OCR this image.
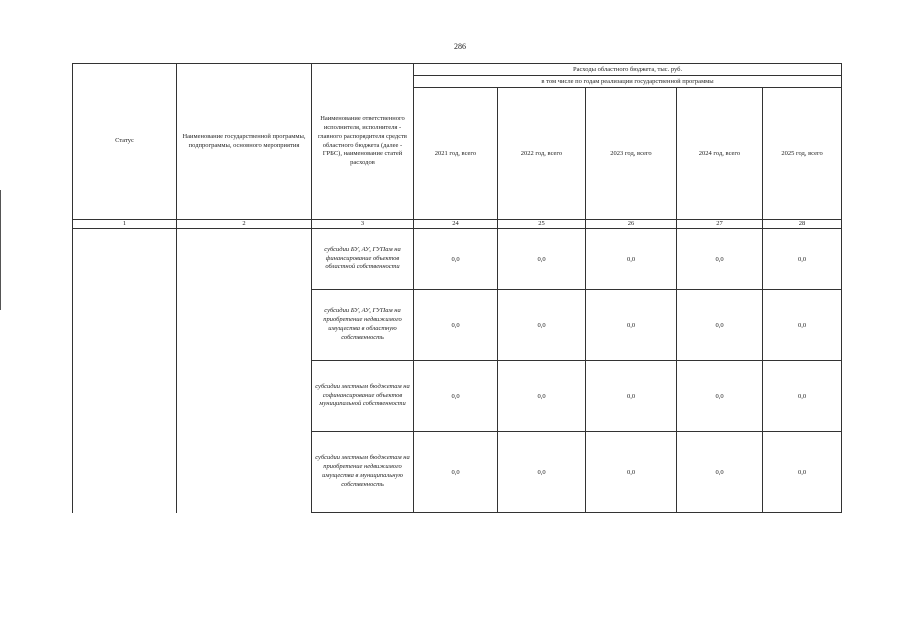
286
Статус	Наименование государственной программы, подпрограммы, основного мероприятия	Наименование ответственного исполнителя, исполнителя - главного распорядителя средств областного бюджета (далее - ГРБС), наименование статей расходов	Расходы областного бюджета, тыс. руб.				
			в том числе по годам реализации государственной программы				
			2021 год, всего	2022 год, всего	2023 год, всего	2024 год, всего	2025 год, всего
1	2	3	24	25	26	27	28
		субсидии БУ, АУ, ГУПам на финансирование объектов областной собственности	0,0	0,0	0,0	0,0	0,0
		субсидии БУ, АУ, ГУПам на приобретение недвижимого имущества в областную собственность	0,0	0,0	0,0	0,0	0,0
		субсидии местным бюджетам на софинансирование объектов муниципальной собственности	0,0	0,0	0,0	0,0	0,0
		субсидии местным бюджетам на приобретение недвижимого имущества в муниципальную собственность	0,0	0,0	0,0	0,0	0,0
